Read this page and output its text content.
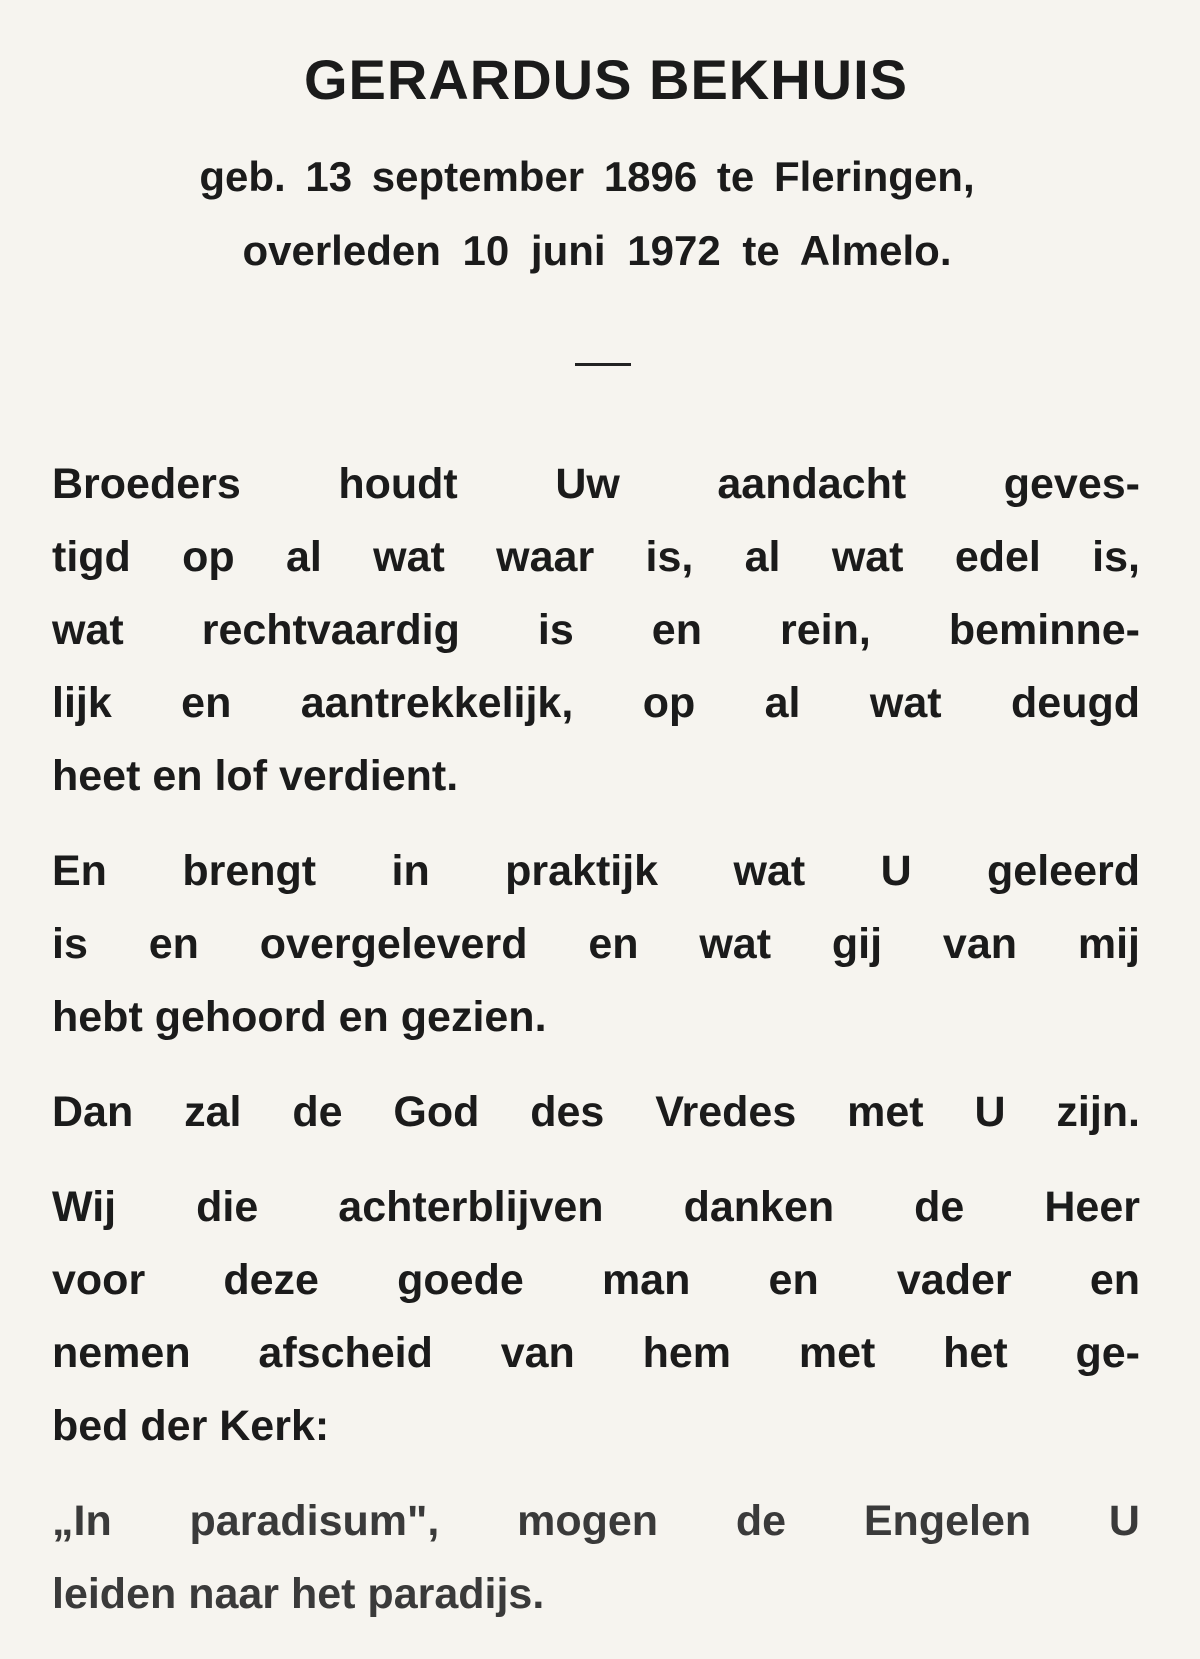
GERARDUS BEKHUIS
geb. 13 september 1896 te Fleringen,
overleden 10 juni 1972 te Almelo.
Broeders houdt Uw aandacht geves-
tigd op al wat waar is, al wat edel is,
wat rechtvaardig is en rein, beminne-
lijk en aantrekkelijk, op al wat deugd
heet en lof verdient.
En brengt in praktijk wat U geleerd
is en overgeleverd en wat gij van mij
hebt gehoord en gezien.
Dan zal de God des Vredes met U zijn.
Wij die achterblijven danken de Heer
voor deze goede man en vader en
nemen afscheid van hem met het ge-
bed der Kerk:
„In paradisum", mogen de Engelen U
leiden naar het paradijs.
